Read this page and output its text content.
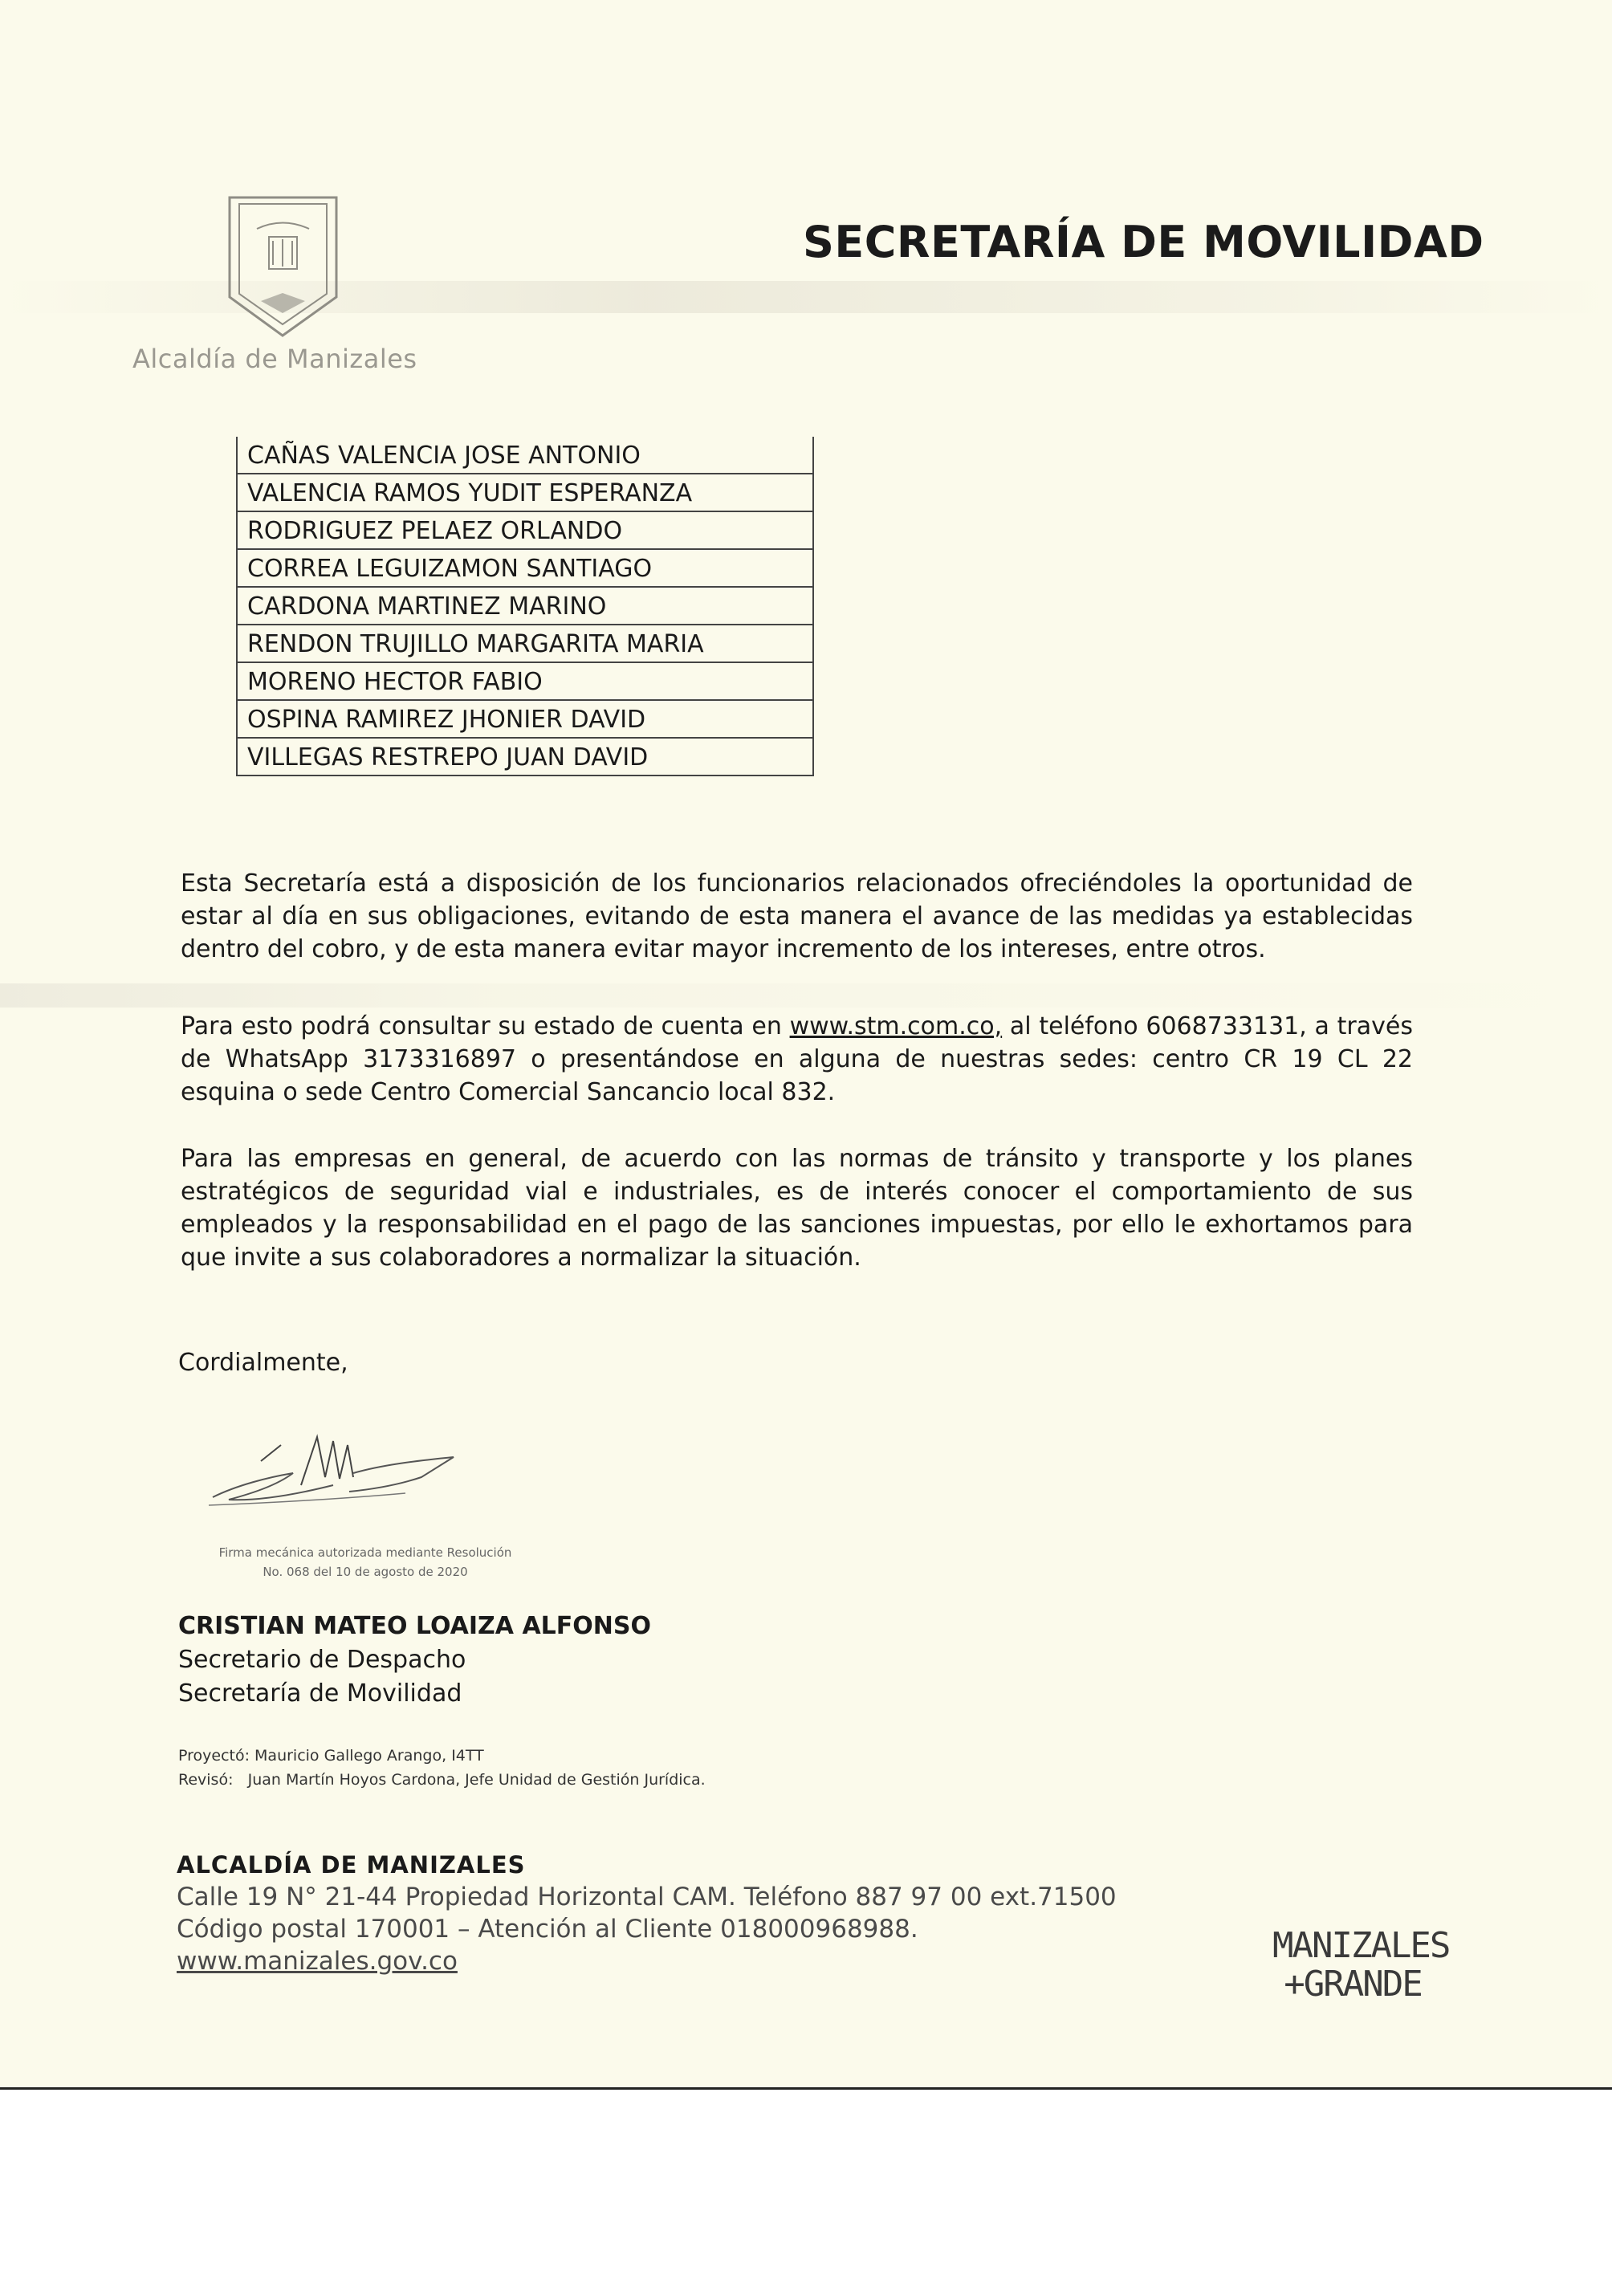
Alcaldía de Manizales
SECRETARÍA DE MOVILIDAD
CAÑAS VALENCIA JOSE ANTONIO
VALENCIA RAMOS YUDIT ESPERANZA
RODRIGUEZ PELAEZ ORLANDO
CORREA LEGUIZAMON SANTIAGO
CARDONA MARTINEZ MARINO
RENDON TRUJILLO MARGARITA MARIA
MORENO HECTOR FABIO
OSPINA RAMIREZ JHONIER DAVID
VILLEGAS RESTREPO JUAN DAVID
Esta Secretaría está a disposición de los funcionarios relacionados ofreciéndoles la oportunidad de estar al día en sus obligaciones, evitando de esta manera el avance de las medidas ya establecidas dentro del cobro, y de esta manera evitar mayor incremento de los intereses, entre otros.
Para esto podrá consultar su estado de cuenta en www.stm.com.co, al teléfono 6068733131, a través de WhatsApp 3173316897 o presentándose en alguna de nuestras sedes: centro CR 19 CL 22 esquina o sede Centro Comercial Sancancio local 832.
Para las empresas en general, de acuerdo con las normas de tránsito y transporte y los planes estratégicos de seguridad vial e industriales, es de interés conocer el comportamiento de sus empleados y la responsabilidad en el pago de las sanciones impuestas, por ello le exhortamos para que invite a sus colaboradores a normalizar la situación.
Cordialmente,
Firma mecánica autorizada mediante Resolución
No. 068 del 10 de agosto de 2020
CRISTIAN MATEO LOAIZA ALFONSO
Secretario de Despacho
Secretaría de Movilidad
Proyectó: Mauricio Gallego Arango, I4TT
Revisó:   Juan Martín Hoyos Cardona, Jefe Unidad de Gestión Jurídica.
ALCALDÍA DE MANIZALES
Calle 19 N° 21-44 Propiedad Horizontal CAM. Teléfono 887 97 00 ext.71500
Código postal 170001 – Atención al Cliente 018000968988.
www.manizales.gov.co	MANIZALES
+GRANDE
